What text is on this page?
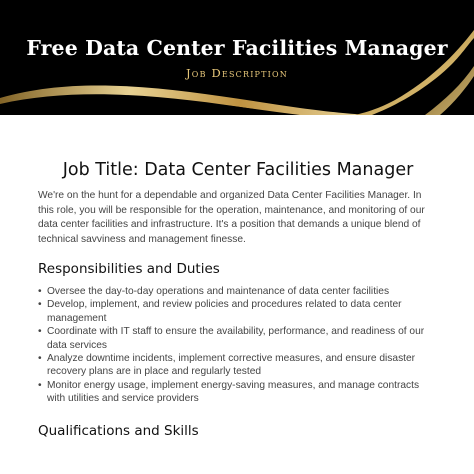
Free Data Center Facilities Manager
Job Description
Job Title: Data Center Facilities Manager

We're on the hunt for a dependable and organized Data Center Facilities Manager. In this role, you will be responsible for the operation, maintenance, and monitoring of our data center facilities and infrastructure. It's a position that demands a unique blend of technical savviness and management finesse.

Responsibilities and Duties
• Oversee the day-to-day operations and maintenance of data center facilities
• Develop, implement, and review policies and procedures related to data center management
• Coordinate with IT staff to ensure the availability, performance, and readiness of our data services
• Analyze downtime incidents, implement corrective measures, and ensure disaster recovery plans are in place and regularly tested
• Monitor energy usage, implement energy-saving measures, and manage contracts with utilities and service providers
Qualifications and Skills
